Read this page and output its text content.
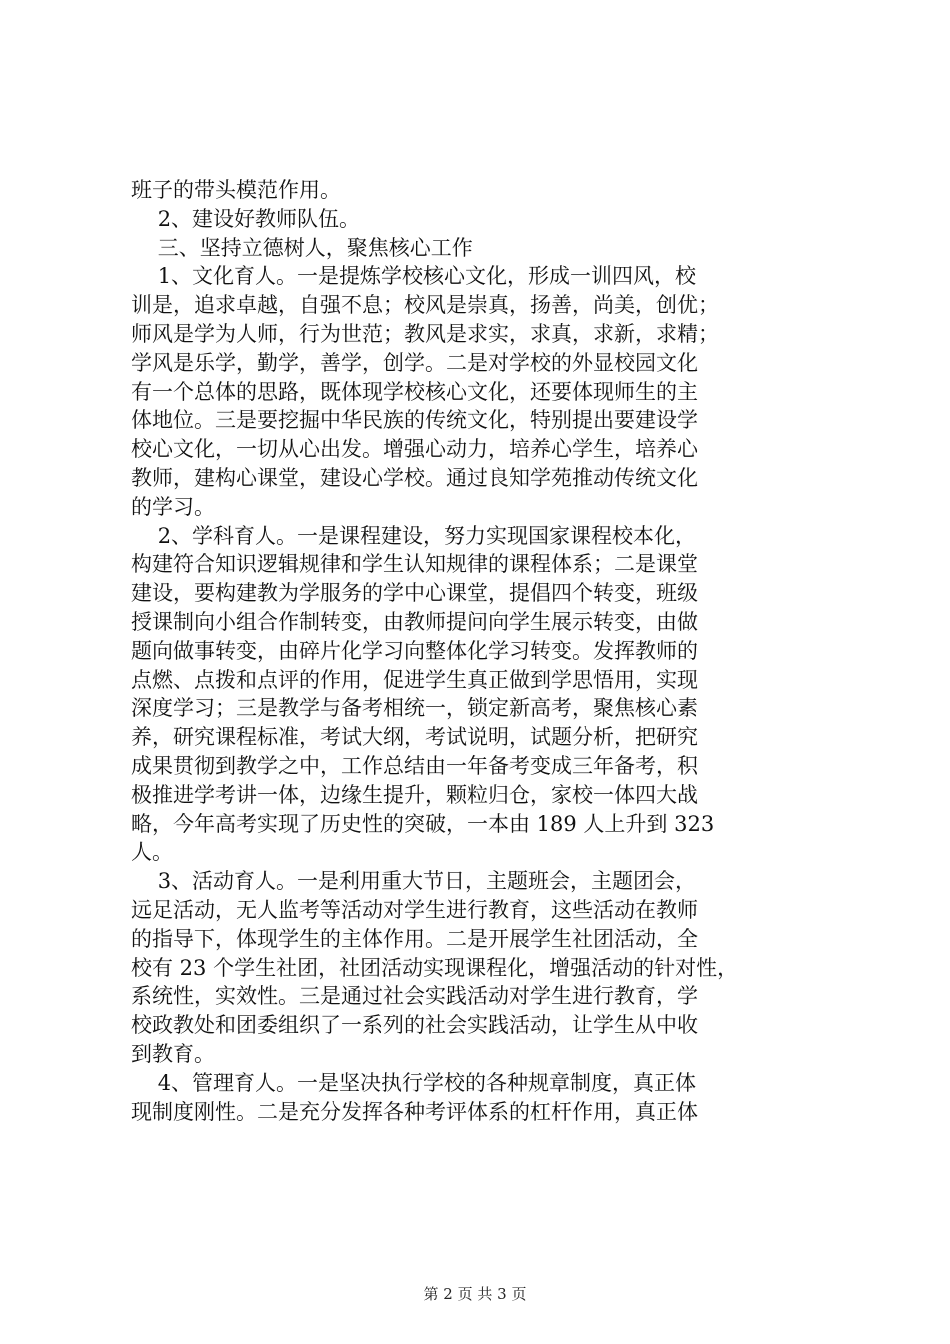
班子的带头模范作用。
2、建设好教师队伍。
三、坚持立德树人，聚焦核心工作
1、文化育人。一是提炼学校核心文化，形成一训四风，校
训是，追求卓越，自强不息；校风是崇真，扬善，尚美，创优；
师风是学为人师，行为世范；教风是求实，求真，求新，求精；
学风是乐学，勤学，善学，创学。二是对学校的外显校园文化
有一个总体的思路，既体现学校核心文化，还要体现师生的主
体地位。三是要挖掘中华民族的传统文化，特别提出要建设学
校心文化，一切从心出发。增强心动力，培养心学生，培养心
教师，建构心课堂，建设心学校。通过良知学苑推动传统文化
的学习。
2、学科育人。一是课程建设，努力实现国家课程校本化，
构建符合知识逻辑规律和学生认知规律的课程体系；二是课堂
建设，要构建教为学服务的学中心课堂，提倡四个转变，班级
授课制向小组合作制转变，由教师提问向学生展示转变，由做
题向做事转变，由碎片化学习向整体化学习转变。发挥教师的
点燃、点拨和点评的作用，促进学生真正做到学思悟用，实现
深度学习；三是教学与备考相统一，锁定新高考，聚焦核心素
养，研究课程标准，考试大纲，考试说明，试题分析，把研究
成果贯彻到教学之中，工作总结由一年备考变成三年备考，积
极推进学考讲一体，边缘生提升，颗粒归仓，家校一体四大战
略，今年高考实现了历史性的突破，一本由 189 人上升到 323
人。
3、活动育人。一是利用重大节日，主题班会，主题团会，
远足活动，无人监考等活动对学生进行教育，这些活动在教师
的指导下，体现学生的主体作用。二是开展学生社团活动，全
校有 23 个学生社团，社团活动实现课程化，增强活动的针对性，
系统性，实效性。三是通过社会实践活动对学生进行教育，学
校政教处和团委组织了一系列的社会实践活动，让学生从中收
到教育。
4、管理育人。一是坚决执行学校的各种规章制度，真正体
现制度刚性。二是充分发挥各种考评体系的杠杆作用，真正体
第 2 页 共 3 页
